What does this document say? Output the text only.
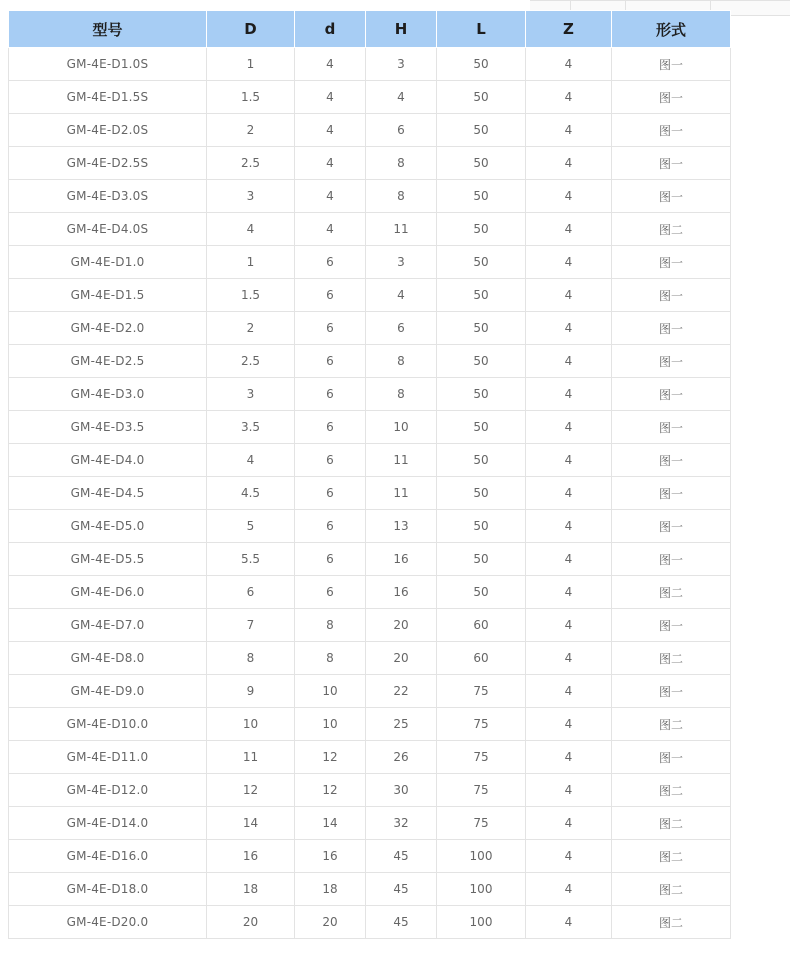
型号	D	d	H	L	Z	形式
GM-4E-D1.0S	1	4	3	50	4	图一
GM-4E-D1.5S	1.5	4	4	50	4	图一
GM-4E-D2.0S	2	4	6	50	4	图一
GM-4E-D2.5S	2.5	4	8	50	4	图一
GM-4E-D3.0S	3	4	8	50	4	图一
GM-4E-D4.0S	4	4	11	50	4	图二
GM-4E-D1.0	1	6	3	50	4	图一
GM-4E-D1.5	1.5	6	4	50	4	图一
GM-4E-D2.0	2	6	6	50	4	图一
GM-4E-D2.5	2.5	6	8	50	4	图一
GM-4E-D3.0	3	6	8	50	4	图一
GM-4E-D3.5	3.5	6	10	50	4	图一
GM-4E-D4.0	4	6	11	50	4	图一
GM-4E-D4.5	4.5	6	11	50	4	图一
GM-4E-D5.0	5	6	13	50	4	图一
GM-4E-D5.5	5.5	6	16	50	4	图一
GM-4E-D6.0	6	6	16	50	4	图二
GM-4E-D7.0	7	8	20	60	4	图一
GM-4E-D8.0	8	8	20	60	4	图二
GM-4E-D9.0	9	10	22	75	4	图一
GM-4E-D10.0	10	10	25	75	4	图二
GM-4E-D11.0	11	12	26	75	4	图一
GM-4E-D12.0	12	12	30	75	4	图二
GM-4E-D14.0	14	14	32	75	4	图二
GM-4E-D16.0	16	16	45	100	4	图二
GM-4E-D18.0	18	18	45	100	4	图二
GM-4E-D20.0	20	20	45	100	4	图二
